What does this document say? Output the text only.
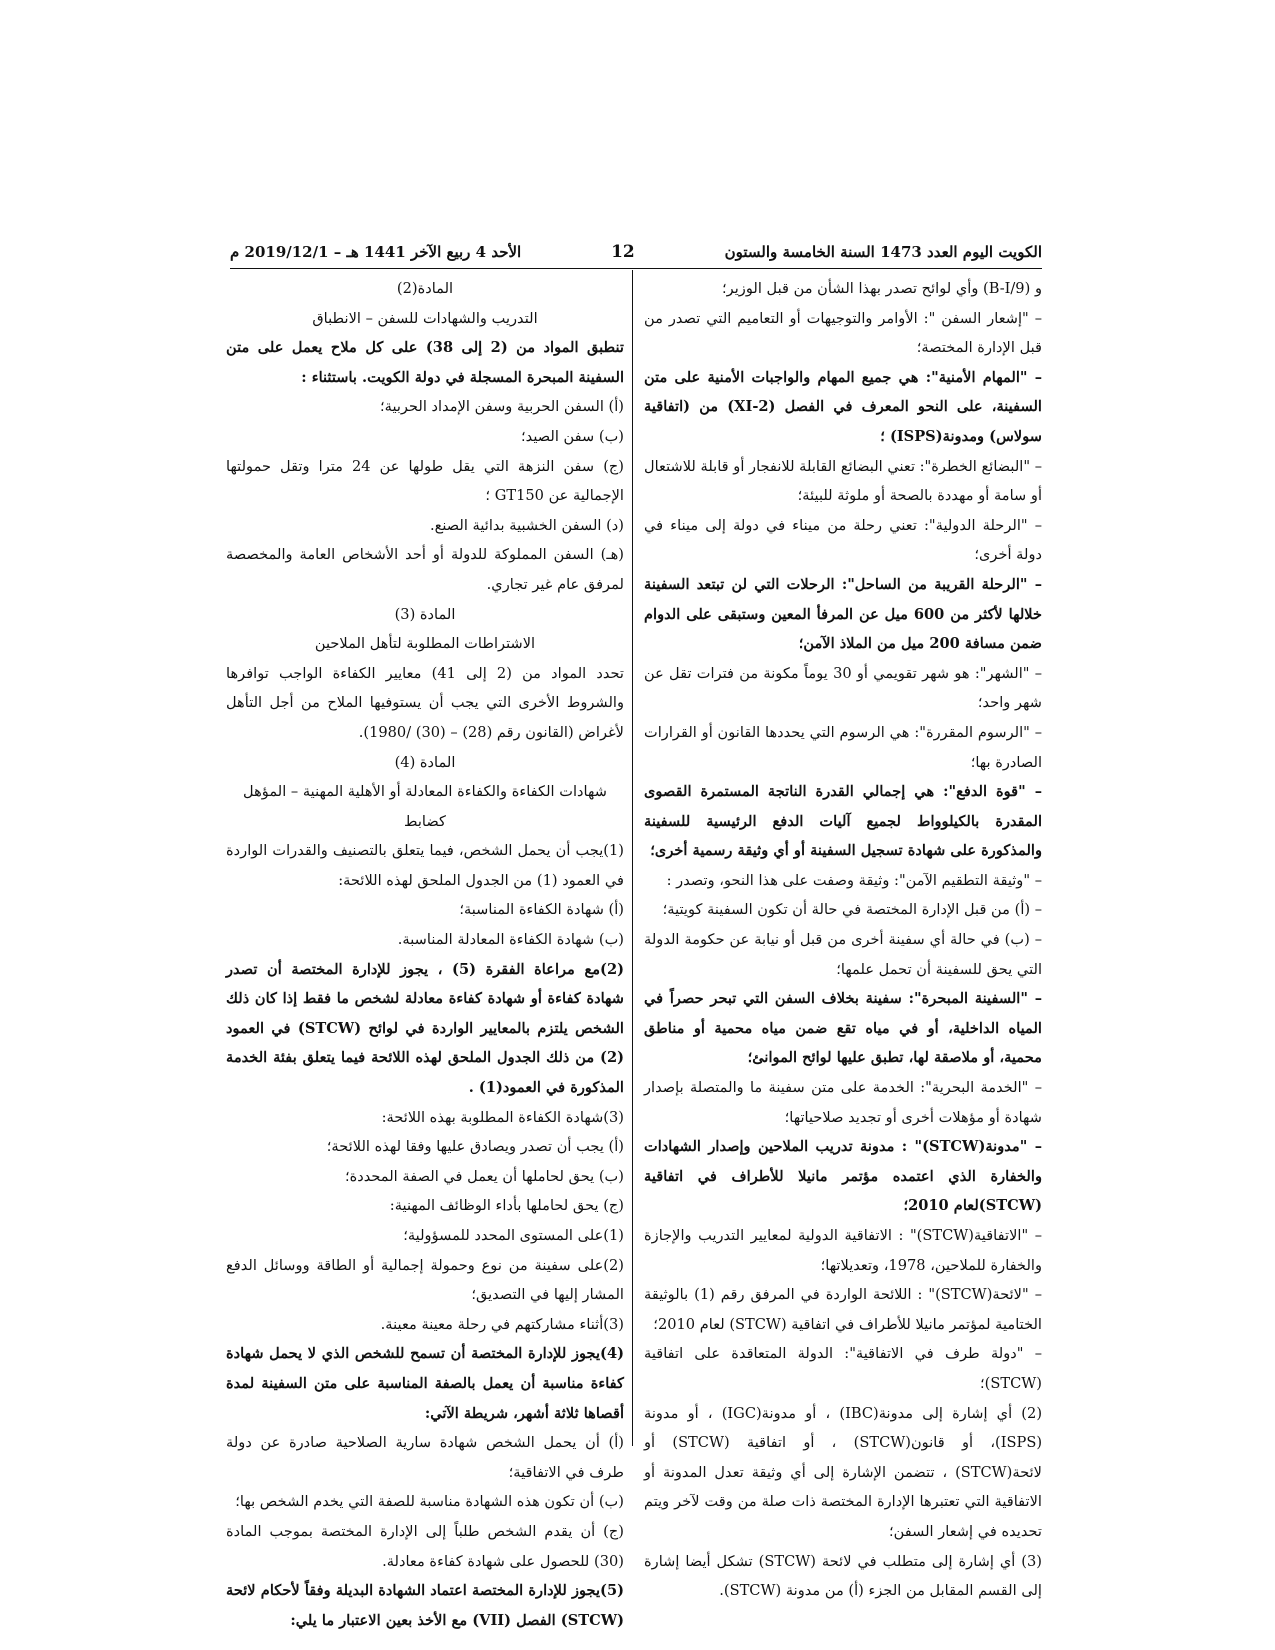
الكويت اليوم العدد 1473 السنة الخامسة والستون
12
الأحد 4 ربيع الآخر 1441 هـ – 2019/12/1 م

و (B-I/9) وأي لوائح تصدر بهذا الشأن من قبل الوزير؛

– "إشعار السفن ": الأوامر والتوجيهات أو التعاميم التي تصدر من قبل الإدارة المختصة؛

– "المهام الأمنية": هي جميع المهام والواجبات الأمنية على متن السفينة، على النحو المعرف في الفصل (XI-2) من (اتفاقية سولاس) ومدونة(ISPS) ؛

– "البضائع الخطرة": تعني البضائع القابلة للانفجار أو قابلة للاشتعال أو سامة أو مهددة بالصحة أو ملوثة للبيئة؛

– "الرحلة الدولية": تعني رحلة من ميناء في دولة إلى ميناء في دولة أخرى؛

– "الرحلة القريبة من الساحل": الرحلات التي لن تبتعد السفينة خلالها لأكثر من 600 ميل عن المرفأ المعين وستبقى على الدوام ضمن مسافة 200 ميل من الملاذ الآمن؛

– "الشهر": هو شهر تقويمي أو 30 يوماً مكونة من فترات تقل عن شهر واحد؛

– "الرسوم المقررة": هي الرسوم التي يحددها القانون أو القرارات الصادرة بها؛

– "قوة الدفع": هي إجمالي القدرة الناتجة المستمرة القصوى المقدرة بالكيلوواط لجميع آليات الدفع الرئيسية للسفينة والمذكورة على شهادة تسجيل السفينة أو أي وثيقة رسمية أخرى؛

– "وثيقة التطقيم الآمن": وثيقة وصفت على هذا النحو، وتصدر :

– (أ) من قبل الإدارة المختصة في حالة أن تكون السفينة كويتية؛

– (ب) في حالة أي سفينة أخرى من قبل أو نيابة عن حكومة الدولة التي يحق للسفينة أن تحمل علمها؛

– "السفينة المبحرة": سفينة بخلاف السفن التي تبحر حصراً في المياه الداخلية، أو في مياه تقع ضمن مياه محمية أو مناطق محمية، أو ملاصقة لها، تطبق عليها لوائح الموانئ؛

– "الخدمة البحرية": الخدمة على متن سفينة ما والمتصلة بإصدار شهادة أو مؤهلات أخرى أو تجديد صلاحياتها؛

– "مدونة(STCW)" : مدونة تدريب الملاحين وإصدار الشهادات والخفارة الذي اعتمده مؤتمر مانيلا للأطراف في اتفاقية (STCW)لعام 2010؛

– "الاتفاقية(STCW)" : الاتفاقية الدولية لمعايير التدريب والإجازة والخفارة للملاحين، 1978، وتعديلاتها؛

– "لائحة(STCW)" : اللائحة الواردة في المرفق رقم (1) بالوثيقة الختامية لمؤتمر مانيلا للأطراف في اتفاقية (STCW) لعام 2010؛

– "دولة طرف في الاتفاقية": الدولة المتعاقدة على اتفاقية (STCW)؛

(2) أي إشارة إلى مدونة(IBC) ، أو مدونة(IGC) ، أو مدونة (ISPS)، أو قانون(STCW) ، أو اتفاقية (STCW) أو لائحة(STCW) ، تتضمن الإشارة إلى أي وثيقة تعدل المدونة أو الاتفاقية التي تعتبرها الإدارة المختصة ذات صلة من وقت لآخر ويتم تحديده في إشعار السفن؛

(3) أي إشارة إلى متطلب في لائحة (STCW) تشكل أيضا إشارة إلى القسم المقابل من الجزء (أ) من مدونة (STCW).

المادة(2)

التدريب والشهادات للسفن – الانطباق

تنطبق المواد من (2 إلى 38) على كل ملاح يعمل على متن السفينة المبحرة المسجلة في دولة الكويت. باستثناء :

(أ) السفن الحربية وسفن الإمداد الحربية؛

(ب) سفن الصيد؛

(ج) سفن النزهة التي يقل طولها عن 24 مترا وتقل حمولتها الإجمالية عن GT150 ؛

(د) السفن الخشبية بدائية الصنع.

(هـ) السفن المملوكة للدولة أو أحد الأشخاص العامة والمخصصة لمرفق عام غير تجاري.

المادة (3)

الاشتراطات المطلوبة لتأهل الملاحين

تحدد المواد من (2 إلى 41) معايير الكفاءة الواجب توافرها والشروط الأخرى التي يجب أن يستوفيها الملاح من أجل التأهل لأغراض (القانون رقم (28) – (30) /1980).

المادة (4)

شهادات الكفاءة والكفاءة المعادلة أو الأهلية المهنية – المؤهل كضابط

(1)يجب أن يحمل الشخص، فيما يتعلق بالتصنيف والقدرات الواردة في العمود (1) من الجدول الملحق لهذه اللائحة:

(أ) شهادة الكفاءة المناسبة؛

(ب) شهادة الكفاءة المعادلة المناسبة.

(2)مع مراعاة الفقرة (5) ، يجوز للإدارة المختصة أن تصدر شهادة كفاءة أو شهادة كفاءة معادلة لشخص ما فقط إذا كان ذلك الشخص يلتزم بالمعايير الواردة في لوائح (STCW) في العمود (2) من ذلك الجدول الملحق لهذه اللائحة فيما يتعلق بفئة الخدمة المذكورة في العمود(1) .

(3)شهادة الكفاءة المطلوبة بهذه اللائحة:

(أ) يجب أن تصدر ويصادق عليها وفقا لهذه اللائحة؛

(ب) يحق لحاملها أن يعمل في الصفة المحددة؛

(ج) يحق لحاملها بأداء الوظائف المهنية:

(1)على المستوى المحدد للمسؤولية؛

(2)على سفينة من نوع وحمولة إجمالية أو الطاقة ووسائل الدفع المشار إليها في التصديق؛

(3)أثناء مشاركتهم في رحلة معينة معينة.

(4)يجوز للإدارة المختصة أن تسمح للشخص الذي لا يحمل شهادة كفاءة مناسبة أن يعمل بالصفة المناسبة على متن السفينة لمدة أقصاها ثلاثة أشهر، شريطة الآتي:

(أ) أن يحمل الشخص شهادة سارية الصلاحية صادرة عن دولة طرف في الاتفاقية؛

(ب) أن تكون هذه الشهادة مناسبة للصفة التي يخدم الشخص بها؛

(ج) أن يقدم الشخص طلباً إلى الإدارة المختصة بموجب المادة (30) للحصول على شهادة كفاءة معادلة.

(5)يجوز للإدارة المختصة اعتماد الشهادة البديلة وفقاً لأحكام لائحة (STCW) الفصل (VII) مع الأخذ بعين الاعتبار ما يلي:
